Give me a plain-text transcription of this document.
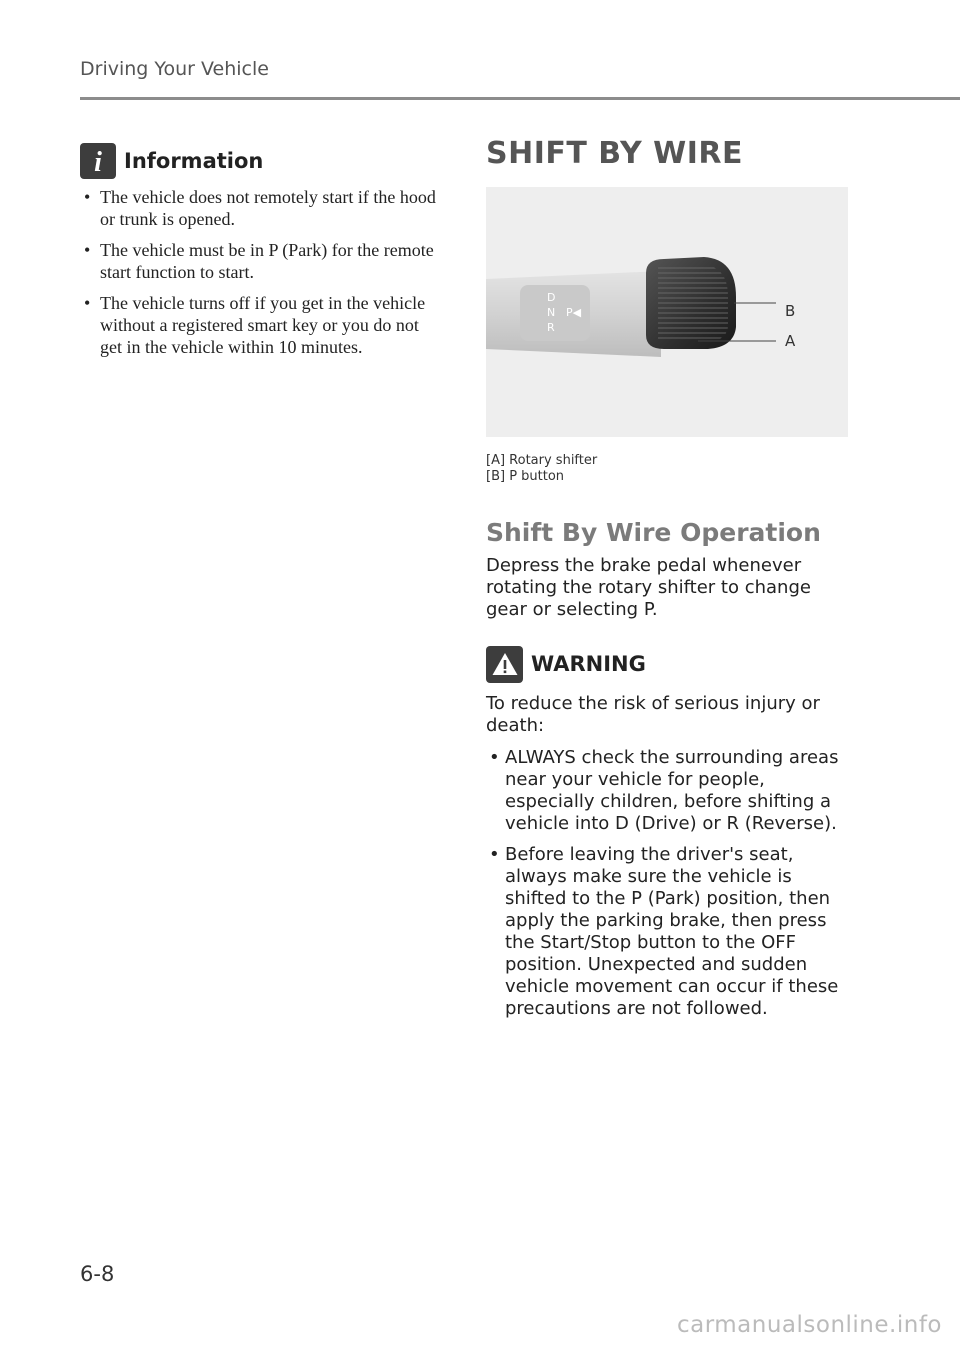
Driving Your Vehicle
i Information
• The vehicle does not remotely start if the hood or trunk is opened.
• The vehicle must be in P (Park) for the remote start function to start.
• The vehicle turns off if you get in the vehicle without a registered smart key or you do not get in the vehicle within 10 minutes.
SHIFT BY WIRE
D
N P◀
R
B
A
[A] Rotary shifter
[B] P button
Shift By Wire Operation
Depress the brake pedal whenever rotating the rotary shifter to change gear or selecting P.
WARNING
To reduce the risk of serious injury or death:
• ALWAYS check the surrounding areas near your vehicle for people, especially children, before shifting a vehicle into D (Drive) or R (Reverse).
• Before leaving the driver's seat, always make sure the vehicle is shifted to the P (Park) position, then apply the parking brake, then press the Start/Stop button to the OFF position. Unexpected and sudden vehicle movement can occur if these precautions are not followed.
6-8
carmanualsonline.info
